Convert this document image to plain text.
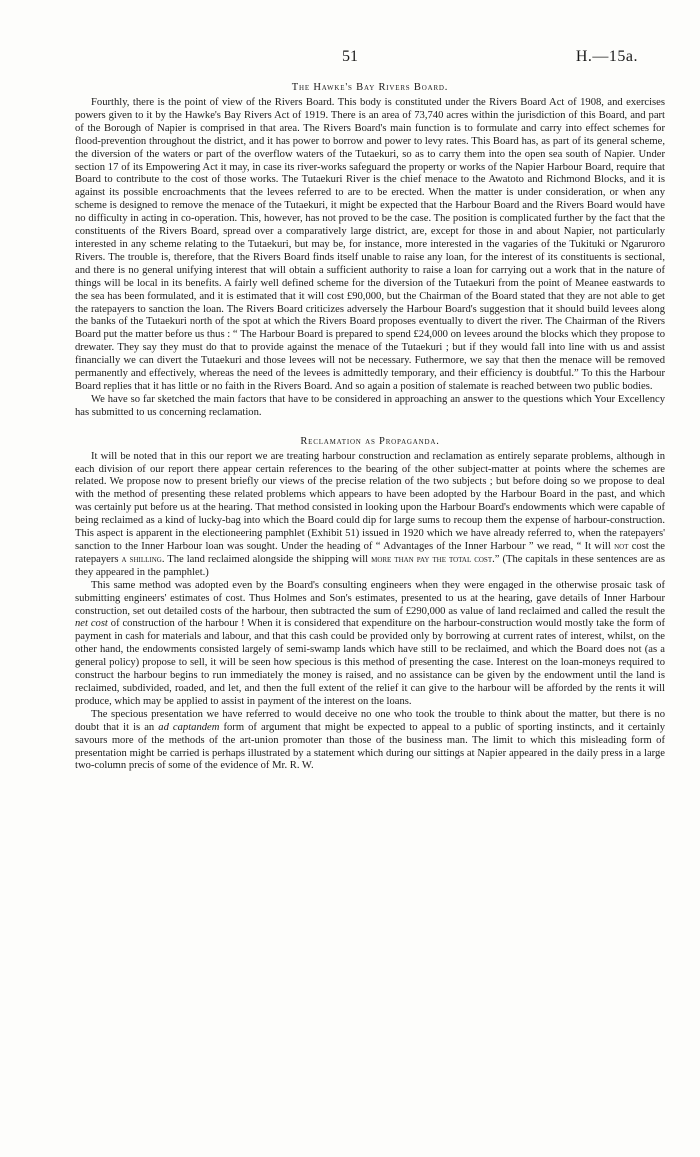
51	H.—15a.

The Hawke's Bay Rivers Board.

Fourthly, there is the point of view of the Rivers Board. This body is constituted under the Rivers Board Act of 1908, and exercises powers given to it by the Hawke's Bay Rivers Act of 1919. There is an area of 73,740 acres within the jurisdiction of this Board, and part of the Borough of Napier is comprised in that area. The Rivers Board's main function is to formulate and carry into effect schemes for flood-prevention throughout the district, and it has power to borrow and power to levy rates. This Board has, as part of its general scheme, the diversion of the waters or part of the overflow waters of the Tutaekuri, so as to carry them into the open sea south of Napier. Under section 17 of its Empowering Act it may, in case its river-works safeguard the property or works of the Napier Harbour Board, require that Board to contribute to the cost of those works. The Tutaekuri River is the chief menace to the Awatoto and Richmond Blocks, and it is against its possible encroachments that the levees referred to are to be erected. When the matter is under consideration, or when any scheme is designed to remove the menace of the Tutaekuri, it might be expected that the Harbour Board and the Rivers Board would have no difficulty in acting in co-operation. This, however, has not proved to be the case. The position is complicated further by the fact that the constituents of the Rivers Board, spread over a comparatively large district, are, except for those in and about Napier, not particularly interested in any scheme relating to the Tutaekuri, but may be, for instance, more interested in the vagaries of the Tukituki or Ngaruroro Rivers. The trouble is, therefore, that the Rivers Board finds itself unable to raise any loan, for the interest of its constituents is sectional, and there is no general unifying interest that will obtain a sufficient authority to raise a loan for carrying out a work that in the nature of things will be local in its benefits. A fairly well defined scheme for the diversion of the Tutaekuri from the point of Meanee eastwards to the sea has been formulated, and it is estimated that it will cost £90,000, but the Chairman of the Board stated that they are not able to get the ratepayers to sanction the loan. The Rivers Board criticizes adversely the Harbour Board's suggestion that it should build levees along the banks of the Tutaekuri north of the spot at which the Rivers Board proposes eventually to divert the river. The Chairman of the Rivers Board put the matter before us thus : “ The Harbour Board is prepared to spend £24,000 on levees around the blocks which they propose to drewater. They say they must do that to provide against the menace of the Tutaekuri ; but if they would fall into line with us and assist financially we can divert the Tutaekuri and those levees will not be necessary. Futhermore, we say that then the menace will be removed permanently and effectively, whereas the need of the levees is admittedly temporary, and their efficiency is doubtful.” To this the Harbour Board replies that it has little or no faith in the Rivers Board. And so again a position of stalemate is reached between two public bodies.

We have so far sketched the main factors that have to be considered in approaching an answer to the questions which Your Excellency has submitted to us concerning reclamation.

Reclamation as Propaganda.

It will be noted that in this our report we are treating harbour construction and reclamation as entirely separate problems, although in each division of our report there appear certain references to the bearing of the other subject-matter at points where the schemes are related. We propose now to present briefly our views of the precise relation of the two subjects ; but before doing so we propose to deal with the method of presenting these related problems which appears to have been adopted by the Harbour Board in the past, and which was certainly put before us at the hearing. That method consisted in looking upon the Harbour Board's endowments which were capable of being reclaimed as a kind of lucky-bag into which the Board could dip for large sums to recoup them the expense of harbour-construction. This aspect is apparent in the electioneering pamphlet (Exhibit 51) issued in 1920 which we have already referred to, when the ratepayers' sanction to the Inner Harbour loan was sought. Under the heading of “ Advantages of the Inner Harbour ” we read, “ It will not cost the ratepayers a shilling. The land reclaimed alongside the shipping will more than pay the total cost.” (The capitals in these sentences are as they appeared in the pamphlet.)

This same method was adopted even by the Board's consulting engineers when they were engaged in the otherwise prosaic task of submitting engineers' estimates of cost. Thus Holmes and Son's estimates, presented to us at the hearing, gave details of Inner Harbour construction, set out detailed costs of the harbour, then subtracted the sum of £290,000 as value of land reclaimed and called the result the net cost of construction of the harbour ! When it is considered that expenditure on the harbour-construction would mostly take the form of payment in cash for materials and labour, and that this cash could be provided only by borrowing at current rates of interest, whilst, on the other hand, the endowments consisted largely of semi-swamp lands which have still to be reclaimed, and which the Board does not (as a general policy) propose to sell, it will be seen how specious is this method of presenting the case. Interest on the loan-moneys required to construct the harbour begins to run immediately the money is raised, and no assistance can be given by the endowment until the land is reclaimed, subdivided, roaded, and let, and then the full extent of the relief it can give to the harbour will be afforded by the rents it will produce, which may be applied to assist in payment of the interest on the loans.

The specious presentation we have referred to would deceive no one who took the trouble to think about the matter, but there is no doubt that it is an ad captandem form of argument that might be expected to appeal to a public of sporting instincts, and it certainly savours more of the methods of the art-union promoter than those of the business man. The limit to which this misleading form of presentation might be carried is perhaps illustrated by a statement which during our sittings at Napier appeared in the daily press in a large two-column precis of some of the evidence of Mr. R. W.
